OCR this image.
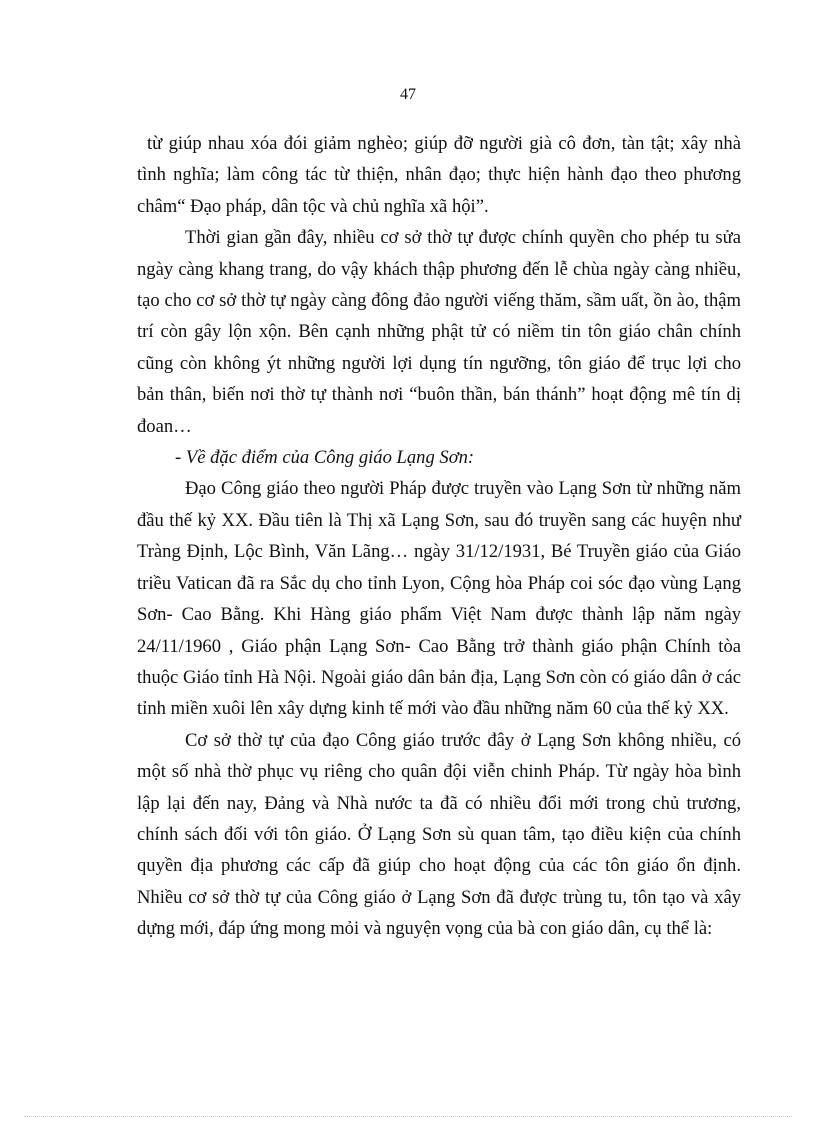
47

từ giúp nhau xóa đói giảm nghèo; giúp đỡ người già cô đơn, tàn tật; xây nhà tình nghĩa; làm công tác từ thiện, nhân đạo; thực hiện hành đạo theo phương châm“ Đạo pháp, dân tộc và chủ nghĩa xã hội”.

Thời gian gần đây, nhiều cơ sở thờ tự được chính quyền cho phép tu sửa ngày càng khang trang, do vậy khách thập phương đến lễ chùa ngày càng nhiều, tạo cho cơ sở thờ tự ngày càng đông đảo người viếng thăm, sầm uất, ồn ào, thậm trí còn gây lộn xộn. Bên cạnh những phật tử có niềm tin tôn giáo chân chính cũng còn không ýt những người lợi dụng tín ngưỡng, tôn giáo để trục lợi cho bản thân, biến nơi thờ tự thành nơi “buôn thần, bán thánh” hoạt động mê tín dị đoan…

- Về đặc điểm của Công giáo Lạng Sơn:

Đạo Công giáo theo người Pháp được truyền vào Lạng Sơn từ những năm đầu thế kỷ XX. Đầu tiên là Thị xã Lạng Sơn, sau đó truyền sang các huyện như Tràng Định, Lộc Bình, Văn Lãng… ngày 31/12/1931, Bé Truyền giáo của Giáo triều Vatican đã ra Sắc dụ cho tỉnh Lyon, Cộng hòa Pháp coi sóc đạo vùng Lạng Sơn- Cao Bằng. Khi Hàng giáo phẩm Việt Nam được thành lập năm ngày 24/11/1960 , Giáo phận Lạng Sơn- Cao Bằng trở thành giáo phận Chính tòa thuộc Giáo tỉnh Hà Nội. Ngoài giáo dân bản địa, Lạng Sơn còn có giáo dân ở các tỉnh miền xuôi lên xây dựng kinh tế mới vào đầu những năm 60 của thế kỷ XX.

Cơ sở thờ tự của đạo Công giáo trước đây ở Lạng Sơn không nhiều, có một số nhà thờ phục vụ riêng cho quân đội viễn chinh Pháp. Từ ngày hòa bình lập lại đến nay, Đảng và Nhà nước ta đã có nhiều đổi mới trong chủ trương, chính sách đối với tôn giáo. Ở Lạng Sơn sù quan tâm, tạo điều kiện của chính quyền địa phương các cấp đã giúp cho hoạt động của các tôn giáo ổn định. Nhiều cơ sở thờ tự của Công giáo ở Lạng Sơn đã được trùng tu, tôn tạo và xây dựng mới, đáp ứng mong mỏi và nguyện vọng của bà con giáo dân, cụ thể là:
